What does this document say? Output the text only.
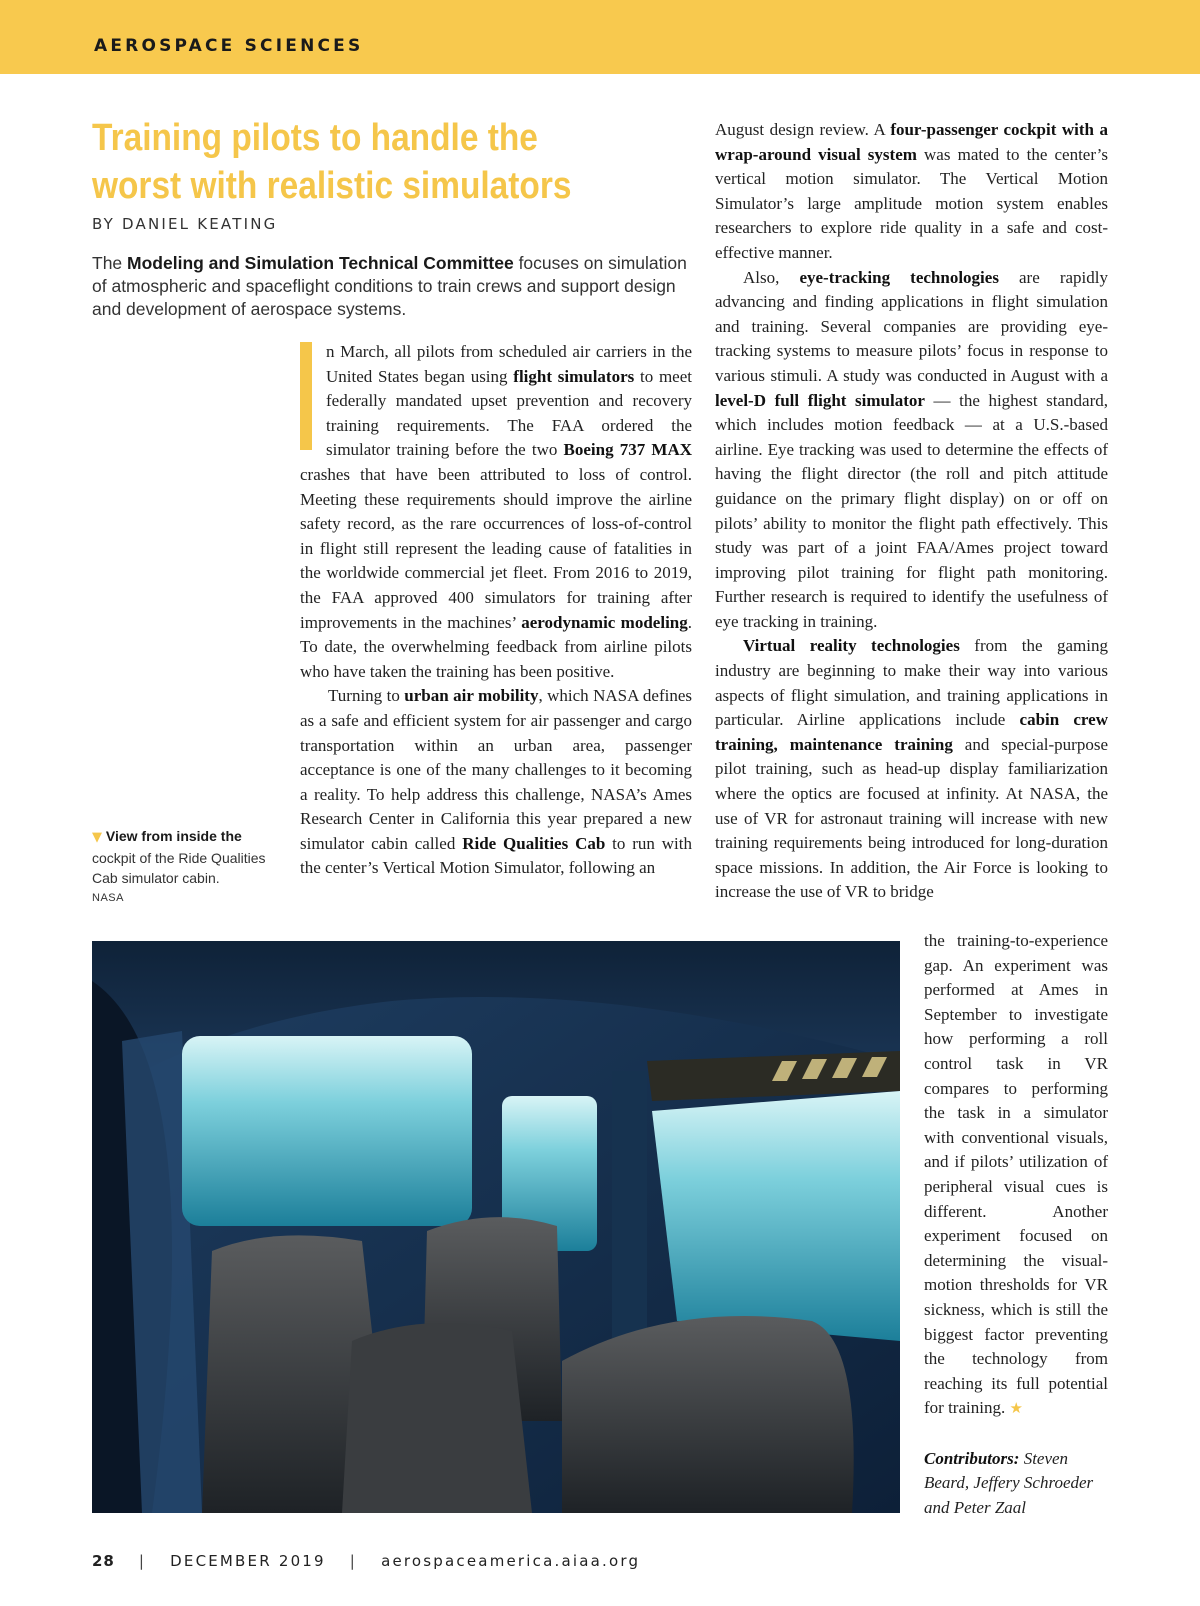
AEROSPACE SCIENCES
Training pilots to handle the worst with realistic simulators
BY DANIEL KEATING

The Modeling and Simulation Technical Committee focuses on simulation of atmospheric and spaceflight conditions to train crews and support design and development of aerospace systems.

n March, all pilots from scheduled air carriers in the United States began using flight simulators to meet federally mandated upset prevention and recovery training requirements. The FAA ordered the simulator training before the two Boeing 737 MAX crashes that have been attributed to loss of control. Meeting these requirements should improve the airline safety record, as the rare occurrences of loss-of-control in flight still represent the leading cause of fatalities in the worldwide commercial jet fleet. From 2016 to 2019, the FAA approved 400 simulators for training after improvements in the machines’ aerodynamic modeling. To date, the overwhelming feedback from airline pilots who have taken the training has been positive.

Turning to urban air mobility, which NASA defines as a safe and efficient system for air passenger and cargo transportation within an urban area, passenger acceptance is one of the many challenges to it becoming a reality. To help address this challenge, NASA’s Ames Research Center in California this year prepared a new simulator cabin called Ride Qualities Cab to run with the center’s Vertical Motion Simulator, following an

August design review. A four-passenger cockpit with a wrap-around visual system was mated to the center’s vertical motion simulator. The Vertical Motion Simulator’s large amplitude motion system enables researchers to explore ride quality in a safe and cost-effective manner.

Also, eye-tracking technologies are rapidly advancing and finding applications in flight simulation and training. Several companies are providing eye-tracking systems to measure pilots’ focus in response to various stimuli. A study was conducted in August with a level-D full flight simulator — the highest standard, which includes motion feedback — at a U.S.-based airline. Eye tracking was used to determine the effects of having the flight director (the roll and pitch attitude guidance on the primary flight display) on or off on pilots’ ability to monitor the flight path effectively. This study was part of a joint FAA/Ames project toward improving pilot training for flight path monitoring. Further research is required to identify the usefulness of eye tracking in training.

Virtual reality technologies from the gaming industry are beginning to make their way into various aspects of flight simulation, and training applications in particular. Airline applications include cabin crew training, maintenance training and special-purpose pilot training, such as head-up display familiarization where the optics are focused at infinity. At NASA, the use of VR for astronaut training will increase with new training requirements being introduced for long-duration space missions. In addition, the Air Force is looking to increase the use of VR to bridge

the training-to-experience gap. An experiment was performed at Ames in September to investigate how performing a roll control task in VR compares to performing the task in a simulator with conventional visuals, and if pilots’ utilization of peripheral visual cues is different. Another experiment focused on determining the visual-motion thresholds for VR sickness, which is still the biggest factor preventing the technology from reaching its full potential for training. ★

Contributors: Steven Beard, Jeffery Schroeder and Peter Zaal

▼ View from inside the cockpit of the Ride Qualities Cab simulator cabin.

NASA
28 | DECEMBER 2019 | aerospaceamerica.aiaa.org
